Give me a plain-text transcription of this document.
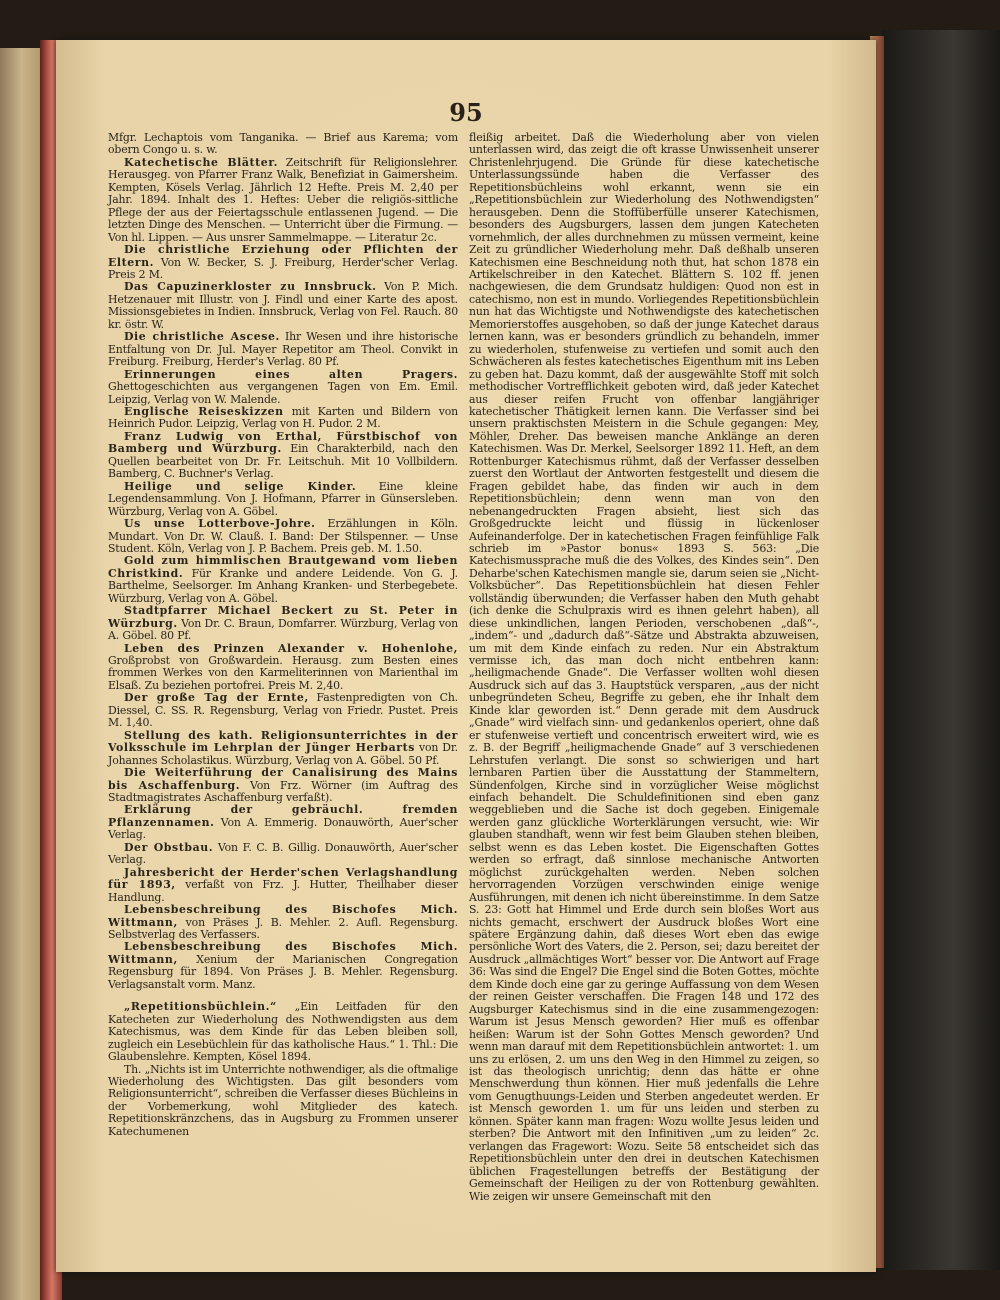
95

Mfgr. Lechaptois vom Tanganika. — Brief aus Karema; vom obern Congo u. s. w.

Katechetische Blätter. Zeitschrift für Religionslehrer. Herausgeg. von Pfarrer Franz Walk, Benefiziat in Gaimersheim. Kempten, Kösels Verlag. Jährlich 12 Hefte. Preis M. 2,40 per Jahr. 1894. Inhalt des 1. Heftes: Ueber die religiös-sittliche Pflege der aus der Feiertagsschule entlassenen Jugend. — Die letzten Dinge des Menschen. — Unterricht über die Firmung. — Von hl. Lippen. — Aus unsrer Sammelmappe. — Literatur 2c.

Die christliche Erziehung oder Pflichten der Eltern. Von W. Becker, S. J. Freiburg, Herder'scher Verlag. Preis 2 M.

Das Capuzinerkloster zu Innsbruck. Von P. Mich. Hetzenauer mit Illustr. von J. Findl und einer Karte des apost. Missionsgebietes in Indien. Innsbruck, Verlag von Fel. Rauch. 80 kr. östr. W.

Die christliche Ascese. Ihr Wesen und ihre historische Entfaltung von Dr. Jul. Mayer Repetitor am Theol. Convikt in Freiburg. Freiburg, Herder's Verlag. 80 Pf.

Erinnerungen eines alten Pragers. Ghettogeschichten aus vergangenen Tagen von Em. Emil. Leipzig, Verlag von W. Malende.

Englische Reiseskizzen mit Karten und Bildern von Heinrich Pudor. Leipzig, Verlag von H. Pudor. 2 M.

Franz Ludwig von Erthal, Fürstbischof von Bamberg und Würzburg. Ein Charakterbild, nach den Quellen bearbeitet von Dr. Fr. Leitschuh. Mit 10 Vollbildern. Bamberg, C. Buchner's Verlag.

Heilige und selige Kinder. Eine kleine Legendensammlung. Von J. Hofmann, Pfarrer in Günsersleben. Würzburg, Verlag von A. Göbel.

Us unse Lotterbove-Johre. Erzählungen in Köln. Mundart. Von Dr. W. Clauß. I. Band: Der Stilspenner. — Unse Student. Köln, Verlag von J. P. Bachem. Preis geb. M. 1.50.

Gold zum himmlischen Brautgewand vom lieben Christkind. Für Kranke und andere Leidende. Von G. J. Barthelme, Seelsorger. Im Anhang Kranken- und Sterbegebete. Würzburg, Verlag von A. Göbel.

Stadtpfarrer Michael Beckert zu St. Peter in Würzburg. Von Dr. C. Braun, Domfarrer. Würzburg, Verlag von A. Göbel. 80 Pf.

Leben des Prinzen Alexander v. Hohenlohe, Großprobst von Großwardein. Herausg. zum Besten eines frommen Werkes von den Karmeliterinnen von Marienthal im Elsaß. Zu beziehen portofrei. Preis M. 2,40.

Der große Tag der Ernte, Fastenpredigten von Ch. Diessel, C. SS. R. Regensburg, Verlag von Friedr. Pustet. Preis M. 1,40.

Stellung des kath. Religionsunterrichtes in der Volksschule im Lehrplan der Jünger Herbarts von Dr. Johannes Scholastikus. Würzburg, Verlag von A. Göbel. 50 Pf.

Die Weiterführung der Canalisirung des Mains bis Aschaffenburg. Von Frz. Wörner (im Auftrag des Stadtmagistrates Aschaffenburg verfaßt).

Erklärung der gebräuchl. fremden Pflanzennamen. Von A. Emmerig. Donauwörth, Auer'scher Verlag.

Der Obstbau. Von F. C. B. Gillig. Donauwörth, Auer'scher Verlag.

Jahresbericht der Herder'schen Verlagshandlung für 1893, verfaßt von Frz. J. Hutter, Theilhaber dieser Handlung.

Lebensbeschreibung des Bischofes Mich. Wittmann, von Präses J. B. Mehler. 2. Aufl. Regensburg. Selbstverlag des Verfassers.

Lebensbeschreibung des Bischofes Mich. Wittmann, Xenium der Marianischen Congregation Regensburg für 1894. Von Präses J. B. Mehler. Regensburg. Verlagsanstalt vorm. Manz.

„Repetitionsbüchlein.“ „Ein Leitfaden für den Katecheten zur Wiederholung des Nothwendigsten aus dem Katechismus, was dem Kinde für das Leben bleiben soll, zugleich ein Lesebüchlein für das katholische Haus.“ 1. Thl.: Die Glaubenslehre. Kempten, Kösel 1894.

Th. „Nichts ist im Unterrichte nothwendiger, als die oftmalige Wiederholung des Wichtigsten. Das gilt besonders vom Religionsunterricht“, schreiben die Verfasser dieses Büchleins in der Vorbemerkung, wohl Mitglieder des katech. Repetitionskränzchens, das in Augsburg zu Frommen unserer Katechumenen

fleißig arbeitet. Daß die Wiederholung aber von vielen unterlassen wird, das zeigt die oft krasse Unwissenheit unserer Christenlehrjugend. Die Gründe für diese katechetische Unterlassungssünde haben die Verfasser des Repetitionsbüchleins wohl erkannt, wenn sie ein „Repetitionsbüchlein zur Wiederholung des Nothwendigsten“ herausgeben. Denn die Stoffüberfülle unserer Katechismen, besonders des Augsburgers, lassen dem jungen Katecheten vornehmlich, der alles durchnehmen zu müssen vermeint, keine Zeit zu gründlicher Wiederholung mehr. Daß deßhalb unseren Katechismen eine Beschneidung noth thut, hat schon 1878 ein Artikelschreiber in den Katechet. Blättern S. 102 ff. jenen nachgewiesen, die dem Grundsatz huldigen: Quod non est in catechismo, non est in mundo. Vorliegendes Repetitionsbüchlein nun hat das Wichtigste und Nothwendigste des katechetischen Memorierstoffes ausgehoben, so daß der junge Katechet daraus lernen kann, was er besonders gründlich zu behandeln, immer zu wiederholen, stufenweise zu vertiefen und somit auch den Schwächeren als festes katechetisches Eigenthum mit ins Leben zu geben hat. Dazu kommt, daß der ausgewählte Stoff mit solch methodischer Vortrefflichkeit geboten wird, daß jeder Katechet aus dieser reifen Frucht von offenbar langjähriger katechetischer Thätigkeit lernen kann. Die Verfasser sind bei unsern praktischsten Meistern in die Schule gegangen: Mey, Möhler, Dreher. Das beweisen manche Anklänge an deren Katechismen. Was Dr. Merkel, Seelsorger 1892 11. Heft, an dem Rottenburger Katechismus rühmt, daß der Verfasser desselben zuerst den Wortlaut der Antworten festgestellt und diesem die Fragen gebildet habe, das finden wir auch in dem Repetitionsbüchlein; denn wenn man von den nebenangedruckten Fragen absieht, liest sich das Großgedruckte leicht und flüssig in lückenloser Aufeinanderfolge. Der in katechetischen Fragen feinfühlige Falk schrieb im »Pastor bonus« 1893 S. 563: „Die Katechismussprache muß die des Volkes, des Kindes sein“. Den Deharbe'schen Katechismen mangle sie, darum seien sie „Nicht-Volksbücher“. Das Repetitionsbüchlein hat diesen Fehler vollständig überwunden; die Verfasser haben den Muth gehabt (ich denke die Schulpraxis wird es ihnen gelehrt haben), all diese unkindlichen, langen Perioden, verschobenen „daß“-, „indem“- und „dadurch daß“-Sätze und Abstrakta abzuweisen, um mit dem Kinde einfach zu reden. Nur ein Abstraktum vermisse ich, das man doch nicht entbehren kann: „heiligmachende Gnade“. Die Verfasser wollten wohl diesen Ausdruck sich auf das 3. Hauptstück versparen, „aus der nicht unbegründeten Scheu, Begriffe zu geben, ehe ihr Inhalt dem Kinde klar geworden ist.“ Denn gerade mit dem Ausdruck „Gnade“ wird vielfach sinn- und gedankenlos operiert, ohne daß er stufenweise vertieft und concentrisch erweitert wird, wie es z. B. der Begriff „heiligmachende Gnade“ auf 3 verschiedenen Lehrstufen verlangt. Die sonst so schwierigen und hart lernbaren Partien über die Ausstattung der Stammeltern, Sündenfolgen, Kirche sind in vorzüglicher Weise möglichst einfach behandelt. Die Schuldefinitionen sind eben ganz weggeblieben und die Sache ist doch gegeben. Einigemale werden ganz glückliche Worterklärungen versucht, wie: Wir glauben standhaft, wenn wir fest beim Glauben stehen bleiben, selbst wenn es das Leben kostet. Die Eigenschaften Gottes werden so erfragt, daß sinnlose mechanische Antworten möglichst zurückgehalten werden. Neben solchen hervorragenden Vorzügen verschwinden einige wenige Ausführungen, mit denen ich nicht übereinstimme. In dem Satze S. 23: Gott hat Himmel und Erde durch sein bloßes Wort aus nichts gemacht, erschwert der Ausdruck bloßes Wort eine spätere Ergänzung dahin, daß dieses Wort eben das ewige persönliche Wort des Vaters, die 2. Person, sei; dazu bereitet der Ausdruck „allmächtiges Wort“ besser vor. Die Antwort auf Frage 36: Was sind die Engel? Die Engel sind die Boten Gottes, möchte dem Kinde doch eine gar zu geringe Auffassung von dem Wesen der reinen Geister verschaffen. Die Fragen 148 und 172 des Augsburger Katechismus sind in die eine zusammengezogen: Warum ist Jesus Mensch geworden? Hier muß es offenbar heißen: Warum ist der Sohn Gottes Mensch geworden? Und wenn man darauf mit dem Repetitionsbüchlein antwortet: 1. um uns zu erlösen, 2. um uns den Weg in den Himmel zu zeigen, so ist das theologisch unrichtig; denn das hätte er ohne Menschwerdung thun können. Hier muß jedenfalls die Lehre vom Genugthuungs-Leiden und Sterben angedeutet werden. Er ist Mensch geworden 1. um für uns leiden und sterben zu können. Später kann man fragen: Wozu wollte Jesus leiden und sterben? Die Antwort mit den Infinitiven „um zu leiden“ 2c. verlangen das Fragewort: Wozu. Seite 58 entscheidet sich das Repetitionsbüchlein unter den drei in deutschen Katechismen üblichen Fragestellungen betreffs der Bestätigung der Gemeinschaft der Heiligen zu der von Rottenburg gewählten. Wie zeigen wir unsere Gemeinschaft mit den
